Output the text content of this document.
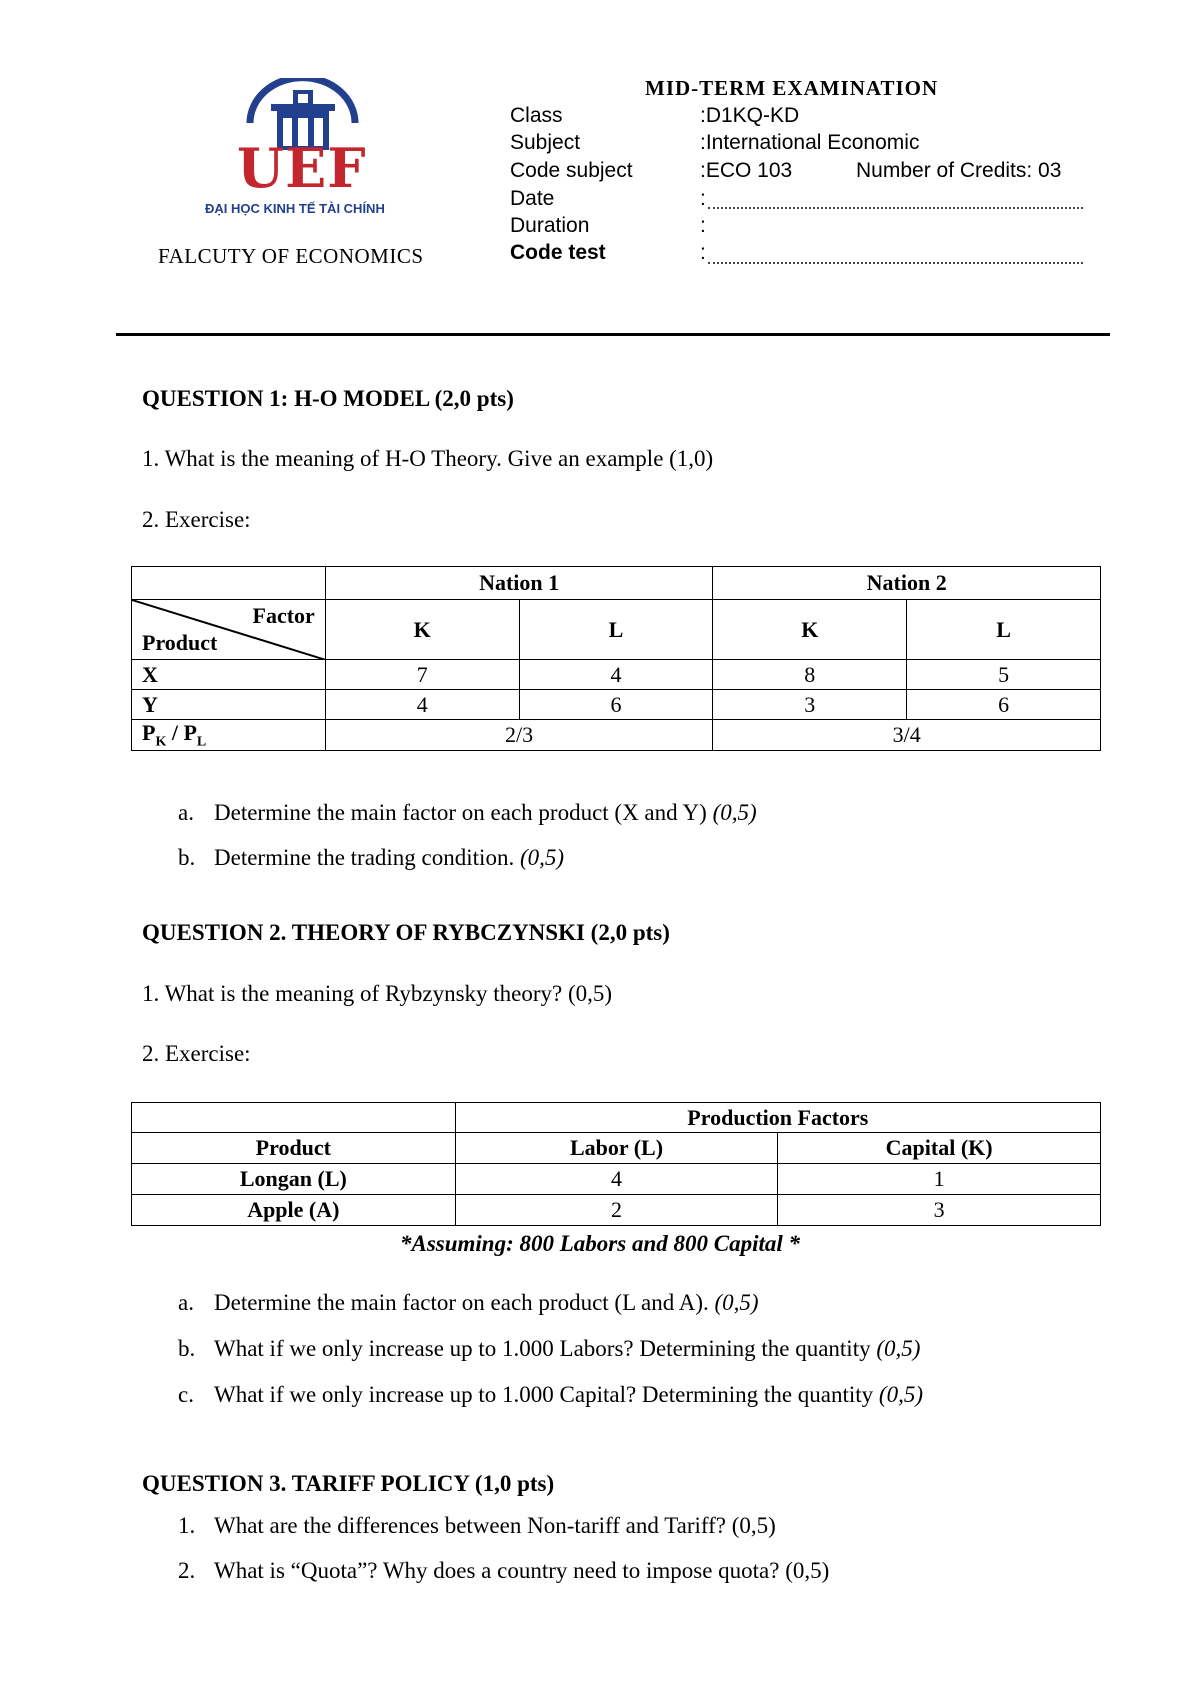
UEF
ĐẠI HỌC KINH TẾ TÀI CHÍNH
FALCUTY OF ECONOMICS
MID-TERM EXAMINATION
Class	:D1KQ-KD
Subject	:International Economic
Code subject	:ECO 103	Number of Credits: 03
Date	:
Duration	:
Code test	:
QUESTION 1: H-O MODEL (2,0 pts)
1. What is the meaning of H-O Theory. Give an example (1,0)
2. Exercise:
	Nation 1		Nation 2	

Factor
Product	K	L	K	L
X	7	4	8	5
Y	4	6	3	6
$P_K / P_L$	2/3		3/4	
a. Determine the main factor on each product (X and Y) (0,5)
b. Determine the trading condition. (0,5)
QUESTION 2. THEORY OF RYBCZYNSKI (2,0 pts)
1. What is the meaning of Rybzynsky theory? (0,5)
2. Exercise:
	Production Factors	
Product	Labor (L)	Capital (K)
Longan (L)	4	1
Apple (A)	2	3
*Assuming: 800 Labors and 800 Capital *
a. Determine the main factor on each product (L and A). (0,5)
b. What if we only increase up to 1.000 Labors? Determining the quantity (0,5)
c. What if we only increase up to 1.000 Capital? Determining the quantity (0,5)
QUESTION 3. TARIFF POLICY (1,0 pts)
1. What are the differences between Non-tariff and Tariff? (0,5)
2. What is “Quota”? Why does a country need to impose quota? (0,5)
